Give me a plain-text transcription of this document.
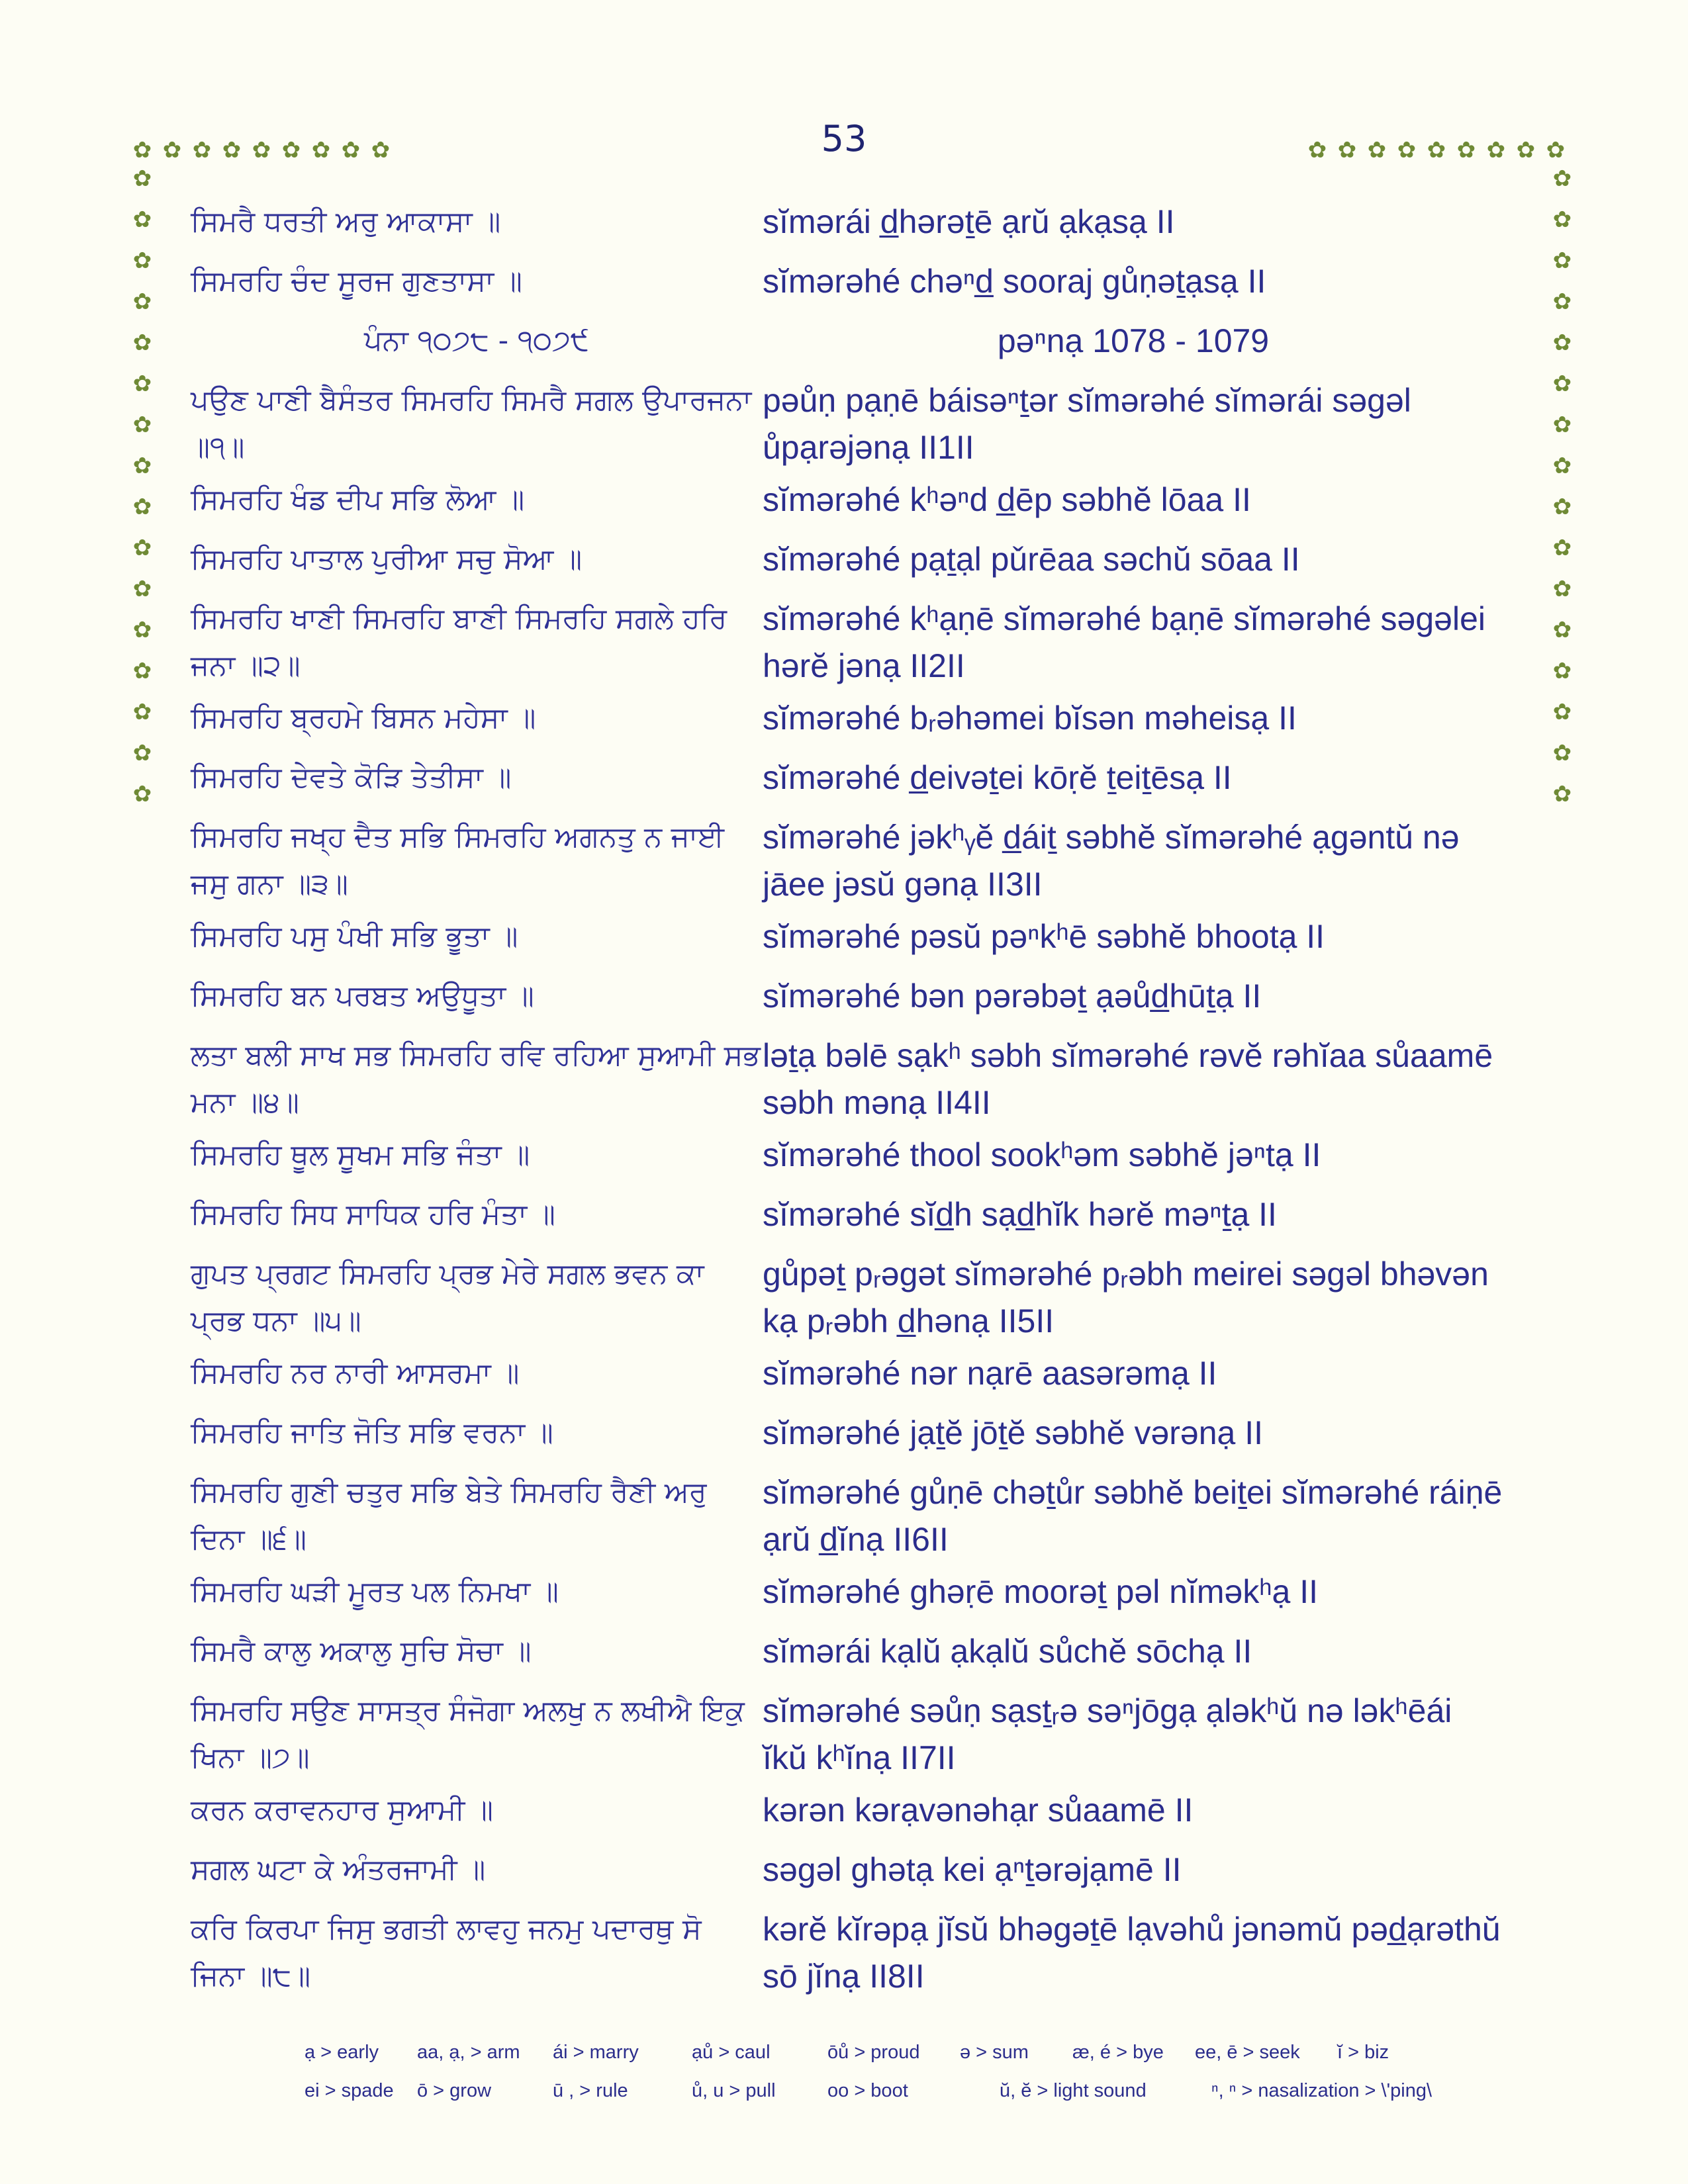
53
✿ ✿ ✿ ✿ ✿ ✿ ✿ ✿ ✿	✿ ✿ ✿ ✿ ✿ ✿ ✿ ✿ ✿
✿
✿
✿
✿
✿
✿
✿
✿
✿
✿
✿
✿
✿
✿
✿
✿
✿
✿
✿
✿
✿
✿
✿
✿
✿
✿
✿
✿
✿
✿
✿
✿
ਸਿਮਰੈ ਧਰਤੀ ਅਰੁ ਆਕਾਸਾ ॥	sĭmərái d̲hərəṯē ạrŭ ạkạsạ II
ਸਿਮਰਹਿ ਚੰਦ ਸੂਰਜ ਗੁਣਤਾਸਾ ॥	sĭmərəhé chəⁿd̲ sooraj gůṇəṯạsạ II
ਪੰਨਾ ੧੦੭੮ - ੧੦੭੯	pəⁿnạ 1078 - 1079
ਪਉਣ ਪਾਣੀ ਬੈਸੰਤਰ ਸਿਮਰਹਿ ਸਿਮਰੈ ਸਗਲ ਉਪਾਰਜਨਾ ॥੧॥
pəůṇ pạṇē báisəⁿṯər sĭmərəhé sĭmərái səgəl ůpạrəjənạ II1II
ਸਿਮਰਹਿ ਖੰਡ ਦੀਪ ਸਭਿ ਲੋਆ ॥	sĭmərəhé kʰəⁿd d̲ēp səbhĕ lōaa II
ਸਿਮਰਹਿ ਪਾਤਾਲ ਪੁਰੀਆ ਸਚੁ ਸੋਆ ॥	sĭmərəhé pạṯạl pǔrēaa səchŭ sōaa II
ਸਿਮਰਹਿ ਖਾਣੀ ਸਿਮਰਹਿ ਬਾਣੀ ਸਿਮਰਹਿ ਸਗਲੇ ਹਰਿ ਜਨਾ ॥੨॥
sĭmərəhé kʰạṇē sĭmərəhé bạṇē sĭmərəhé səgəlei hərĕ jənạ II2II
ਸਿਮਰਹਿ ਬ੍ਰਹਮੇ ਬਿਸਨ ਮਹੇਸਾ ॥	sĭmərəhé bᵣəhəmei bĭsən məheisạ II
ਸਿਮਰਹਿ ਦੇਵਤੇ ਕੋੜਿ ਤੇਤੀਸਾ ॥	sĭmərəhé d̲eivəṯei kōṛĕ ṯeiṯēsạ II
ਸਿਮਰਹਿ ਜਖ੍ਹ ਦੈਤ ਸਭਿ ਸਿਮਰਹਿ ਅਗਨਤੁ ਨ ਜਾਈ ਜਸੁ ਗਨਾ ॥੩॥
sĭmərəhé jəkʰᵧĕ d̲áiṯ səbhĕ sĭmərəhé ạgəntŭ nə jāee jəsŭ gənạ II3II
ਸਿਮਰਹਿ ਪਸੁ ਪੰਖੀ ਸਭਿ ਭੂਤਾ ॥	sĭmərəhé pəsŭ pəⁿkʰē səbhĕ bhootạ II
ਸਿਮਰਹਿ ਬਨ ਪਰਬਤ ਅਉਧੂਤਾ ॥	sĭmərəhé bən pərəbəṯ ạəůd̲hūṯạ II
ਲਤਾ ਬਲੀ ਸਾਖ ਸਭ ਸਿਮਰਹਿ ਰਵਿ ਰਹਿਆ ਸੁਆਮੀ ਸਭ ਮਨਾ ॥੪॥
ləṯạ bəlē sạkʰ səbh sĭmərəhé rəvĕ rəhĭaa sůaamē səbh mənạ II4II
ਸਿਮਰਹਿ ਥੂਲ ਸੂਖਮ ਸਭਿ ਜੰਤਾ ॥	sĭmərəhé thool sookʰəm səbhĕ jəⁿtạ II
ਸਿਮਰਹਿ ਸਿਧ ਸਾਧਿਕ ਹਰਿ ਮੰਤਾ ॥	sĭmərəhé sĭd̲h sạd̲hĭk hərĕ məⁿṯạ II
ਗੁਪਤ ਪ੍ਰਗਟ ਸਿਮਰਹਿ ਪ੍ਰਭ ਮੇਰੇ ਸਗਲ ਭਵਨ ਕਾ ਪ੍ਰਭ ਧਨਾ ॥੫॥
gůpəṯ pᵣəgət sĭmərəhé pᵣəbh meirei səgəl bhəvən kạ pᵣəbh d̲hənạ II5II
ਸਿਮਰਹਿ ਨਰ ਨਾਰੀ ਆਸਰਮਾ ॥	sĭmərəhé nər nạrē aasərəmạ II
ਸਿਮਰਹਿ ਜਾਤਿ ਜੋਤਿ ਸਭਿ ਵਰਨਾ ॥	sĭmərəhé jạṯĕ jōṯĕ səbhĕ vərənạ II
ਸਿਮਰਹਿ ਗੁਣੀ ਚਤੁਰ ਸਭਿ ਬੇਤੇ ਸਿਮਰਹਿ ਰੈਣੀ ਅਰੁ ਦਿਨਾ ॥੬॥
sĭmərəhé gůṇē chəṯůr səbhĕ beiṯei sĭmərəhé ráiṇē ạrŭ d̲ĭnạ II6II
ਸਿਮਰਹਿ ਘੜੀ ਮੂਰਤ ਪਲ ਨਿਮਖਾ ॥	sĭmərəhé ghəṛē moorəṯ pəl nĭməkʰạ II
ਸਿਮਰੈ ਕਾਲੁ ਅਕਾਲੁ ਸੁਚਿ ਸੋਚਾ ॥	sĭmərái kạlŭ ạkạlŭ sůchĕ sōchạ II
ਸਿਮਰਹਿ ਸਉਣ ਸਾਸਤ੍ਰ ਸੰਜੋਗਾ ਅਲਖੁ ਨ ਲਖੀਐ ਇਕੁ ਖਿਨਾ ॥੭॥
sĭmərəhé səůṇ sạsṯᵣə səⁿjōgạ ạləkʰŭ nə ləkʰēái ĭkŭ kʰĭnạ II7II
ਕਰਨ ਕਰਾਵਨਹਾਰ ਸੁਆਮੀ ॥	kərən kərạvənəhạr sůaamē II
ਸਗਲ ਘਟਾ ਕੇ ਅੰਤਰਜਾਮੀ ॥	səgəl ghətạ kei ạⁿṯərəjạmē II
ਕਰਿ ਕਿਰਪਾ ਜਿਸੁ ਭਗਤੀ ਲਾਵਹੁ ਜਨਮੁ ਪਦਾਰਥੁ ਸੋ ਜਿਨਾ ॥੮॥
kərĕ kĭrəpạ jĭsŭ bhəgəṯē lạvəhů jənəmŭ pəd̲ạrəthŭ sō jĭnạ II8II
ạ > early	aa, ạ, > arm	ái > marry	ạů > caul	ōů > proud	ə > sum	æ, é > bye	ee, ē > seek	ĭ > biz
ei > spade	ō > grow	ū , > rule	ů, u > pull	oo > boot	ŭ, ĕ > light sound	ⁿ, ⁿ > nasalization > \'ping\
